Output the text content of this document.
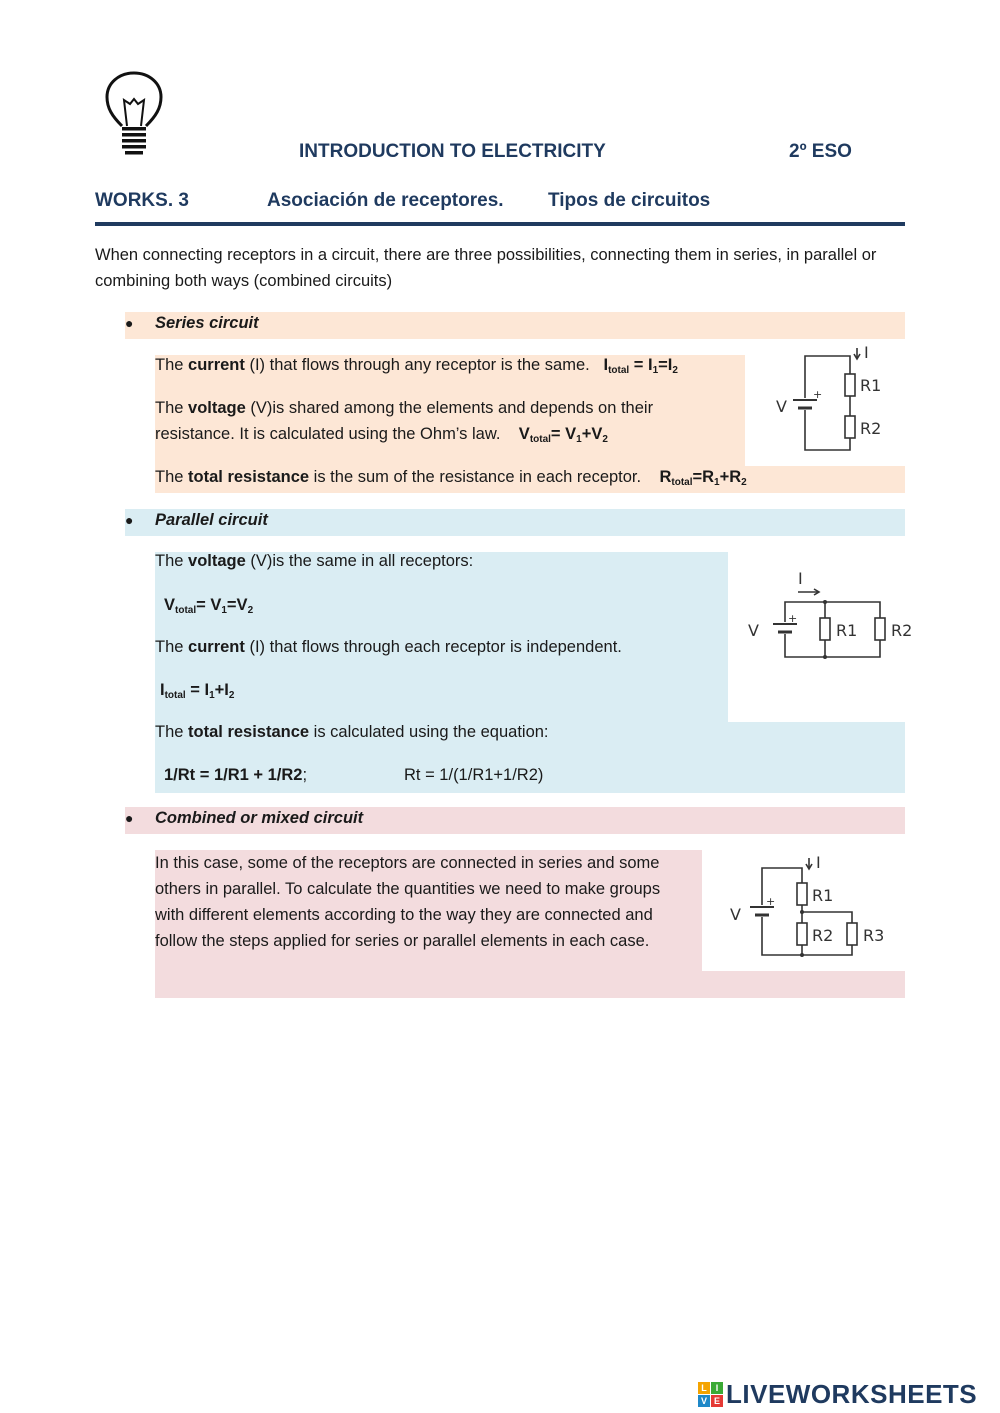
INTRODUCTION TO ELECTRICITY	2º ESO
WORKS. 3	Asociación de receptores. Tipos de circuitos
When connecting receptors in a circuit, there are three possibilities, connecting them in series, in parallel or
combining both ways (combined circuits)
● Series circuit
The current (I) that flows through any receptor is the same. $I_{total} = I_1=I_2$
The voltage (V)is shared among the elements and depends on their
resistance. It is calculated using the Ohm’s law. $V_{total}= V_1+V_2$
The total resistance is the sum of the resistance in each receptor. $R_{total}=R_1+R_2$
I
R1
R2
V
+
● Parallel circuit
The voltage (V)is the same in all receptors:
$V_{total}= V_1=V_2$
The current (I) that flows through each receptor is independent.
$I_{total} = I_1+I_2$
The total resistance is calculated using the equation:
1/Rt = 1/R1 + 1/R2;	Rt = 1/(1/R1+1/R2)
I
R1 R2
V
+
● Combined or mixed circuit
In this case, some of the receptors are connected in series and some
others in parallel. To calculate the quantities we need to make groups
with different elements according to the way they are connected and
follow the steps applied for series or parallel elements in each case.
I
R1
R2 R3
V
+
L I
V E LIVEWORKSHEETS
